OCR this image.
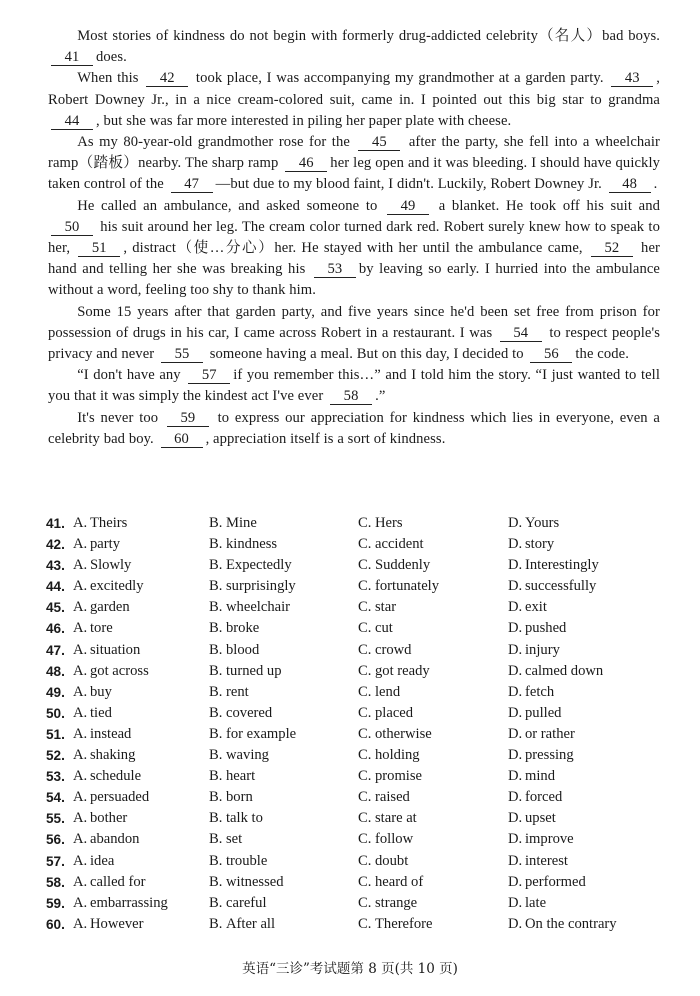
Most stories of kindness do not begin with formerly drug-addicted celebrity（名人）bad boys. 41 does.

When this 42 took place, I was accompanying my grandmother at a garden party. 43 , Robert Downey Jr., in a nice cream-colored suit, came in. I pointed out this big star to grandma 44 , but she was far more interested in piling her paper plate with cheese.

As my 80-year-old grandmother rose for the 45 after the party, she fell into a wheelchair ramp（踏板）nearby. The sharp ramp 46 her leg open and it was bleeding. I should have quickly taken control of the 47 —but due to my blood faint, I didn't. Luckily, Robert Downey Jr. 48 .

He called an ambulance, and asked someone to 49 a blanket. He took off his suit and 50 his suit around her leg. The cream color turned dark red. Robert surely knew how to speak to her, 51 , distract（使…分心）her. He stayed with her until the ambulance came, 52 her hand and telling her she was breaking his 53 by leaving so early. I hurried into the ambulance without a word, feeling too shy to thank him.

Some 15 years after that garden party, and five years since he'd been set free from prison for possession of drugs in his car, I came across Robert in a restaurant. I was 54 to respect people's privacy and never 55 someone having a meal. But on this day, I decided to 56 the code.

“I don't have any 57 if you remember this…” and I told him the story. “I just wanted to tell you that it was simply the kindest act I've ever 58 .”

It's never too 59 to express our appreciation for kindness which lies in everyone, even a celebrity bad boy. 60 , appreciation itself is a sort of kindness.

41. A. Theirs	B. Mine	C. Hers	D. Yours
42. A. party	B. kindness	C. accident	D. story
43. A. Slowly	B. Expectedly	C. Suddenly	D. Interestingly
44. A. excitedly	B. surprisingly	C. fortunately	D. successfully
45. A. garden	B. wheelchair	C. star	D. exit
46. A. tore	B. broke	C. cut	D. pushed
47. A. situation	B. blood	C. crowd	D. injury
48. A. got across	B. turned up	C. got ready	D. calmed down
49. A. buy	B. rent	C. lend	D. fetch
50. A. tied	B. covered	C. placed	D. pulled
51. A. instead	B. for example	C. otherwise	D. or rather
52. A. shaking	B. waving	C. holding	D. pressing
53. A. schedule	B. heart	C. promise	D. mind
54. A. persuaded	B. born	C. raised	D. forced
55. A. bother	B. talk to	C. stare at	D. upset
56. A. abandon	B. set	C. follow	D. improve
57. A. idea	B. trouble	C. doubt	D. interest
58. A. called for	B. witnessed	C. heard of	D. performed
59. A. embarrassing	B. careful	C. strange	D. late
60. A. However	B. After all	C. Therefore	D. On the contrary
英语“三诊”考试题第 8 页(共 10 页)
